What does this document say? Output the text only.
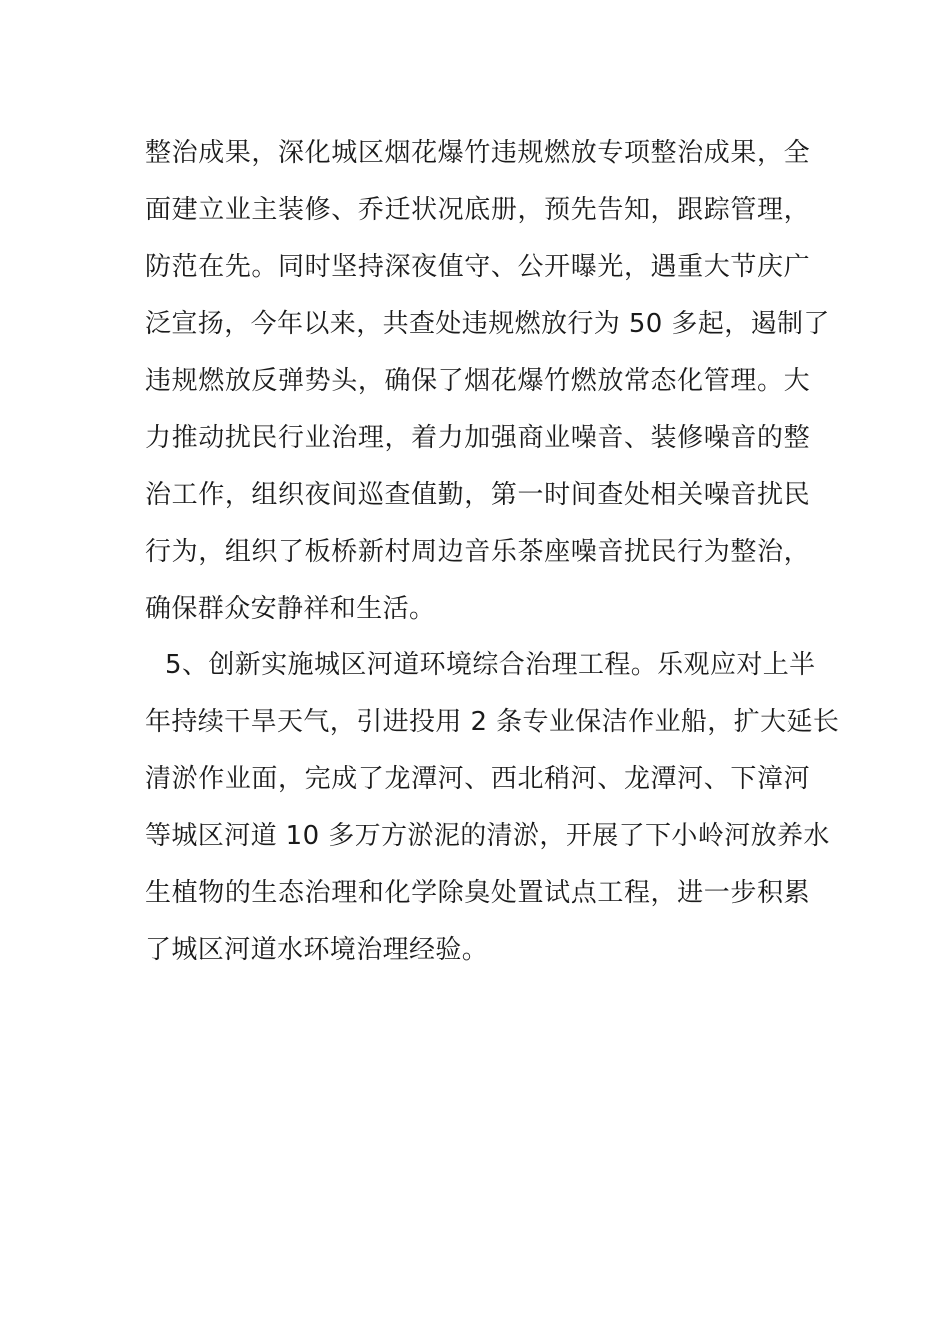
整治成果，深化城区烟花爆竹违规燃放专项整治成果，全
面建立业主装修、乔迁状况底册，预先告知，跟踪管理，
防范在先。同时坚持深夜值守、公开曝光，遇重大节庆广
泛宣扬，今年以来，共查处违规燃放行为 50 多起，遏制了
违规燃放反弹势头，确保了烟花爆竹燃放常态化管理。大
力推动扰民行业治理，着力加强商业噪音、装修噪音的整
治工作，组织夜间巡查值勤，第一时间查处相关噪音扰民
行为，组织了板桥新村周边音乐茶座噪音扰民行为整治，
确保群众安静祥和生活。
5、创新实施城区河道环境综合治理工程。乐观应对上半
年持续干旱天气，引进投用 2 条专业保洁作业船，扩大延长
清淤作业面，完成了龙潭河、西北稍河、龙潭河、下漳河
等城区河道 10 多万方淤泥的清淤，开展了下小岭河放养水
生植物的生态治理和化学除臭处置试点工程，进一步积累
了城区河道水环境治理经验。
